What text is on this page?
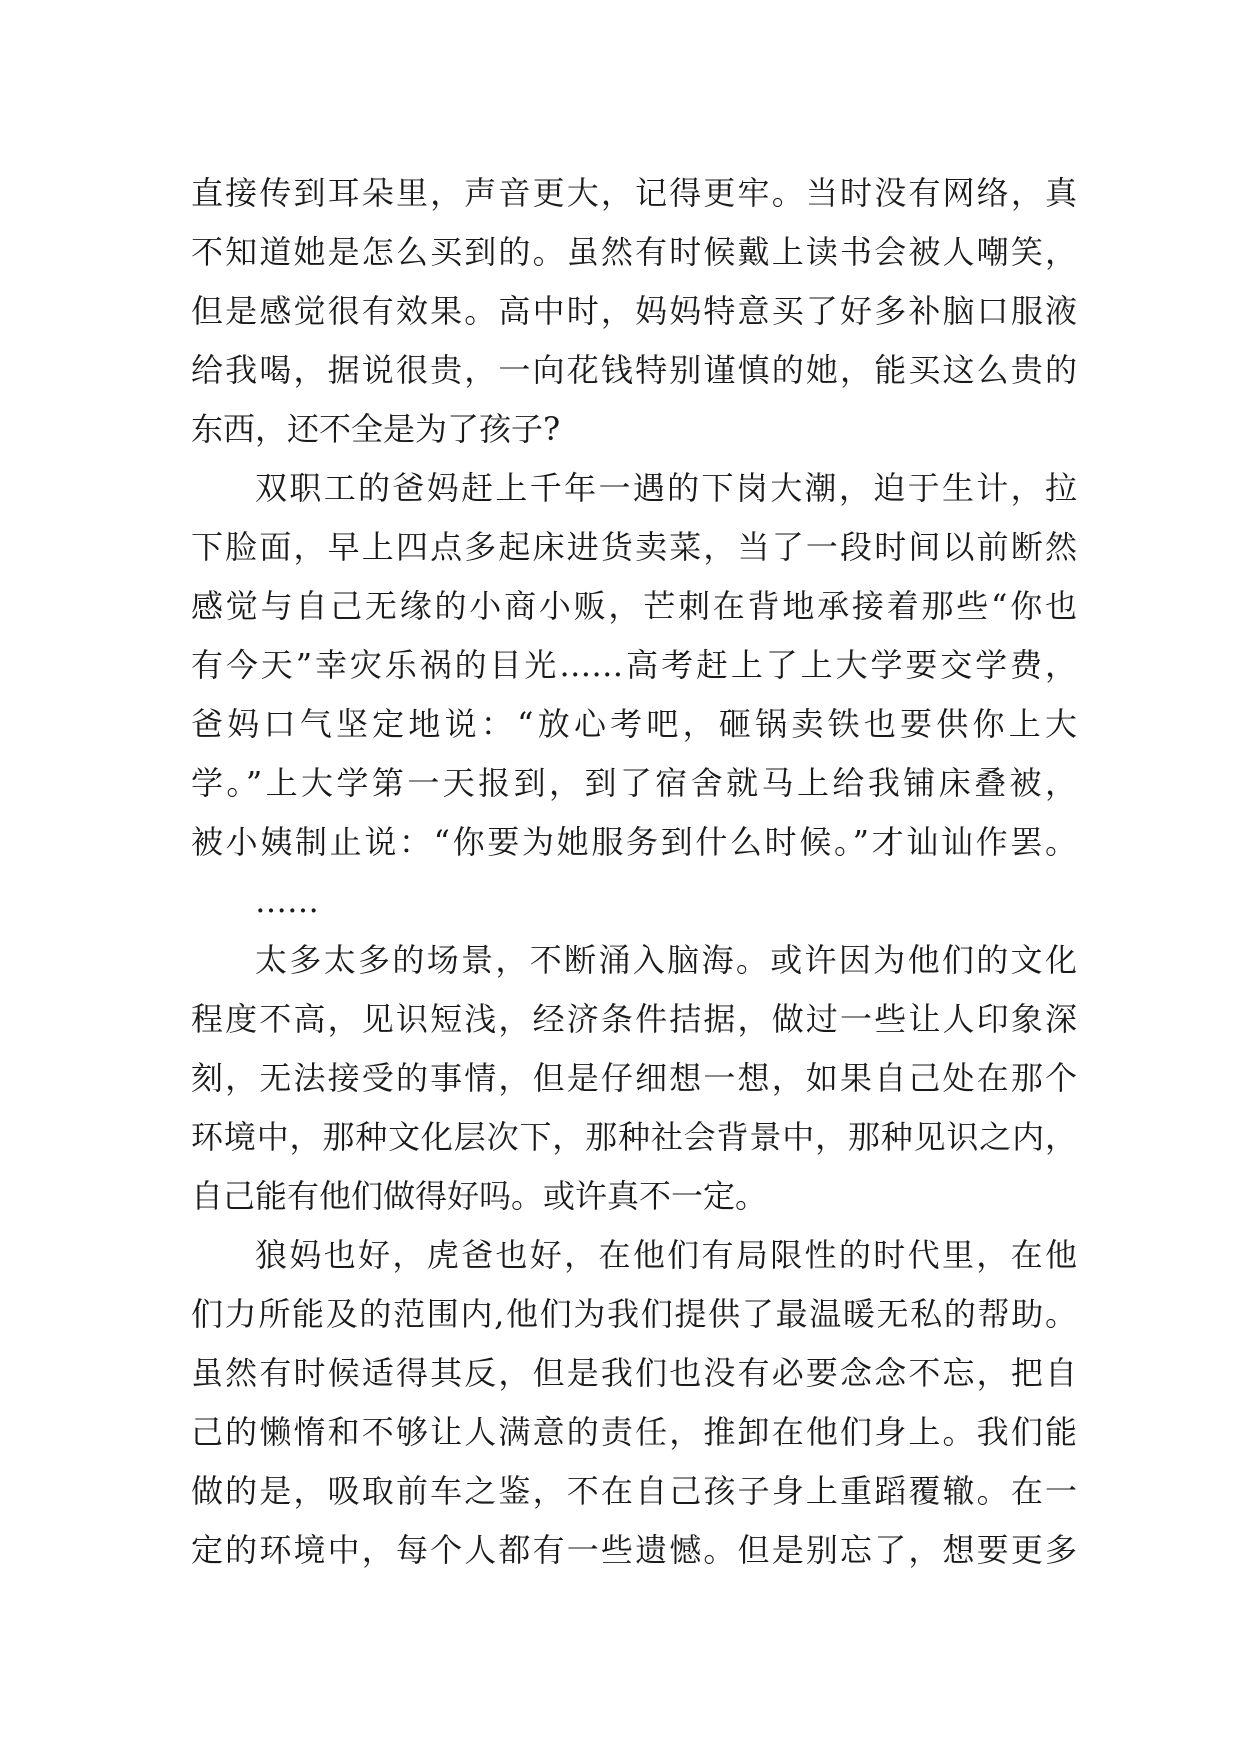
直接传到耳朵里，声音更大，记得更牢。当时没有网络，真
不知道她是怎么买到的。虽然有时候戴上读书会被人嘲笑，
但是感觉很有效果。高中时，妈妈特意买了好多补脑口服液
给我喝，据说很贵，一向花钱特别谨慎的她，能买这么贵的
东西，还不全是为了孩子?
双职工的爸妈赶上千年一遇的下岗大潮，迫于生计，拉
下脸面，早上四点多起床进货卖菜，当了一段时间以前断然
感觉与自己无缘的小商小贩，芒刺在背地承接着那些“你也
有今天”幸灾乐祸的目光……高考赶上了上大学要交学费，
爸妈口气坚定地说：“放心考吧，砸锅卖铁也要供你上大
学。”上大学第一天报到，到了宿舍就马上给我铺床叠被，
被小姨制止说：“你要为她服务到什么时候。”才讪讪作罢。
……
太多太多的场景，不断涌入脑海。或许因为他们的文化
程度不高，见识短浅，经济条件拮据，做过一些让人印象深
刻，无法接受的事情，但是仔细想一想，如果自己处在那个
环境中，那种文化层次下，那种社会背景中，那种见识之内，
自己能有他们做得好吗。或许真不一定。
狼妈也好，虎爸也好，在他们有局限性的时代里，在他
们力所能及的范围内,他们为我们提供了最温暖无私的帮助。
虽然有时候适得其反，但是我们也没有必要念念不忘，把自
己的懒惰和不够让人满意的责任，推卸在他们身上。我们能
做的是，吸取前车之鉴，不在自己孩子身上重蹈覆辙。在一
定的环境中，每个人都有一些遗憾。但是别忘了，想要更多
